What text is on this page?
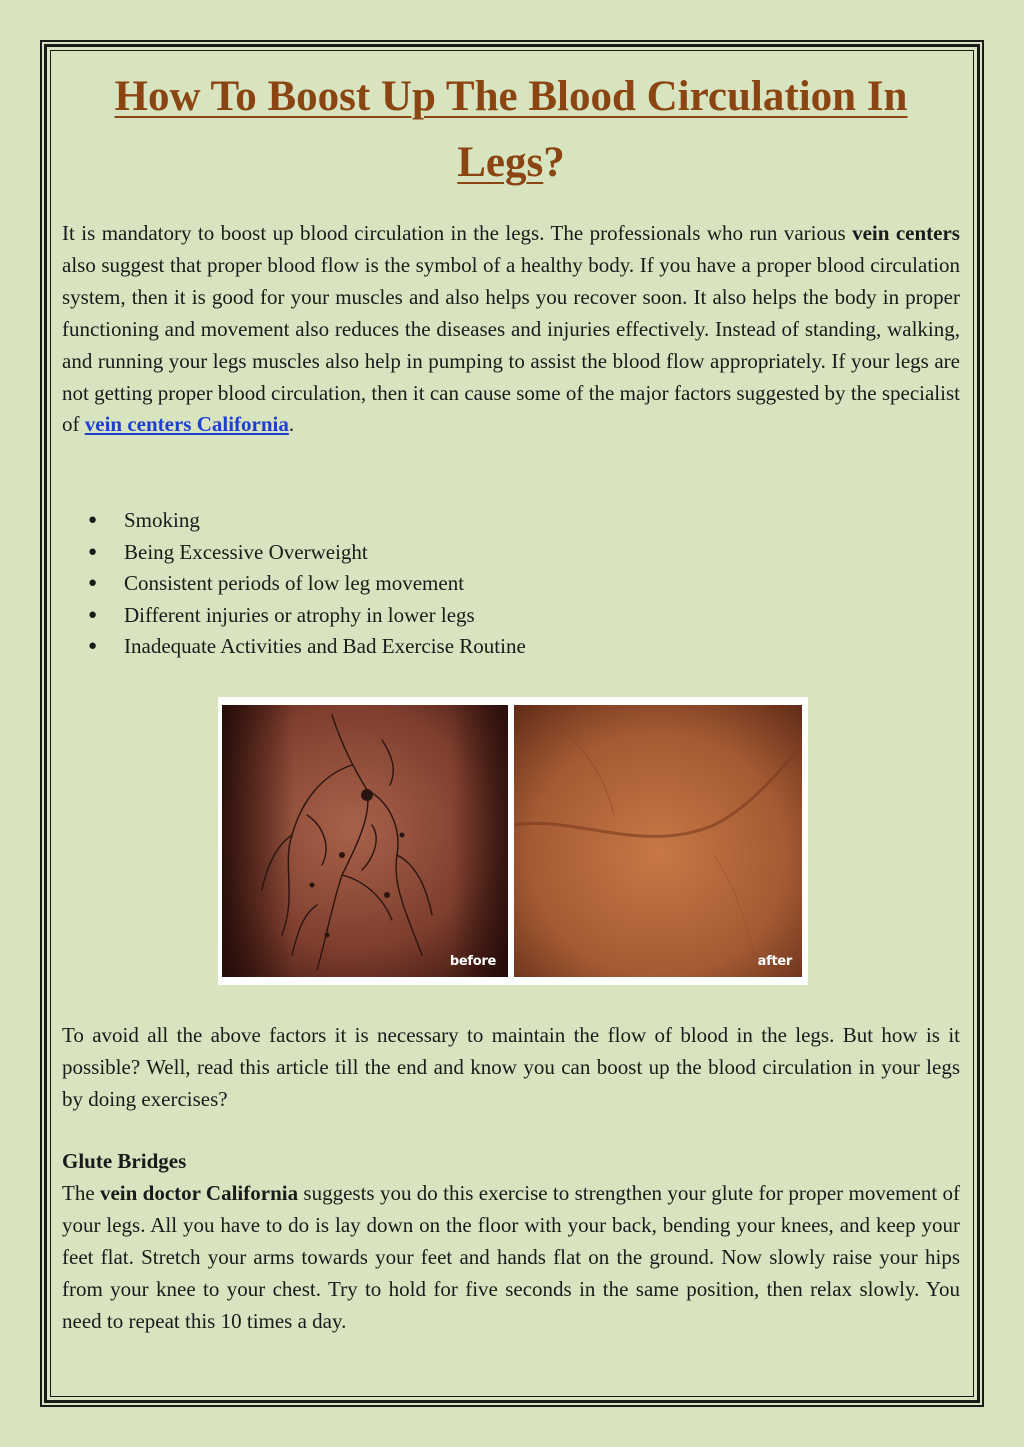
How To Boost Up The Blood Circulation In
Legs?

It is mandatory to boost up blood circulation in the legs. The professionals who run various vein centers also suggest that proper blood flow is the symbol of a healthy body. If you have a proper blood circulation system, then it is good for your muscles and also helps you recover soon. It also helps the body in proper functioning and movement also reduces the diseases and injuries effectively. Instead of standing, walking, and running your legs muscles also help in pumping to assist the blood flow appropriately. If your legs are not getting proper blood circulation, then it can cause some of the major factors suggested by the specialist of vein centers California.

● Smoking
● Being Excessive Overweight
● Consistent periods of low leg movement
● Different injuries or atrophy in lower legs
● Inadequate Activities and Bad Exercise Routine
before	after

To avoid all the above factors it is necessary to maintain the flow of blood in the legs. But how is it possible? Well, read this article till the end and know you can boost up the blood circulation in your legs by doing exercises?

Glute Bridges
The vein doctor California suggests you do this exercise to strengthen your glute for proper movement of your legs. All you have to do is lay down on the floor with your back, bending your knees, and keep your feet flat. Stretch your arms towards your feet and hands flat on the ground. Now slowly raise your hips from your knee to your chest. Try to hold for five seconds in the same position, then relax slowly. You need to repeat this 10 times a day.
